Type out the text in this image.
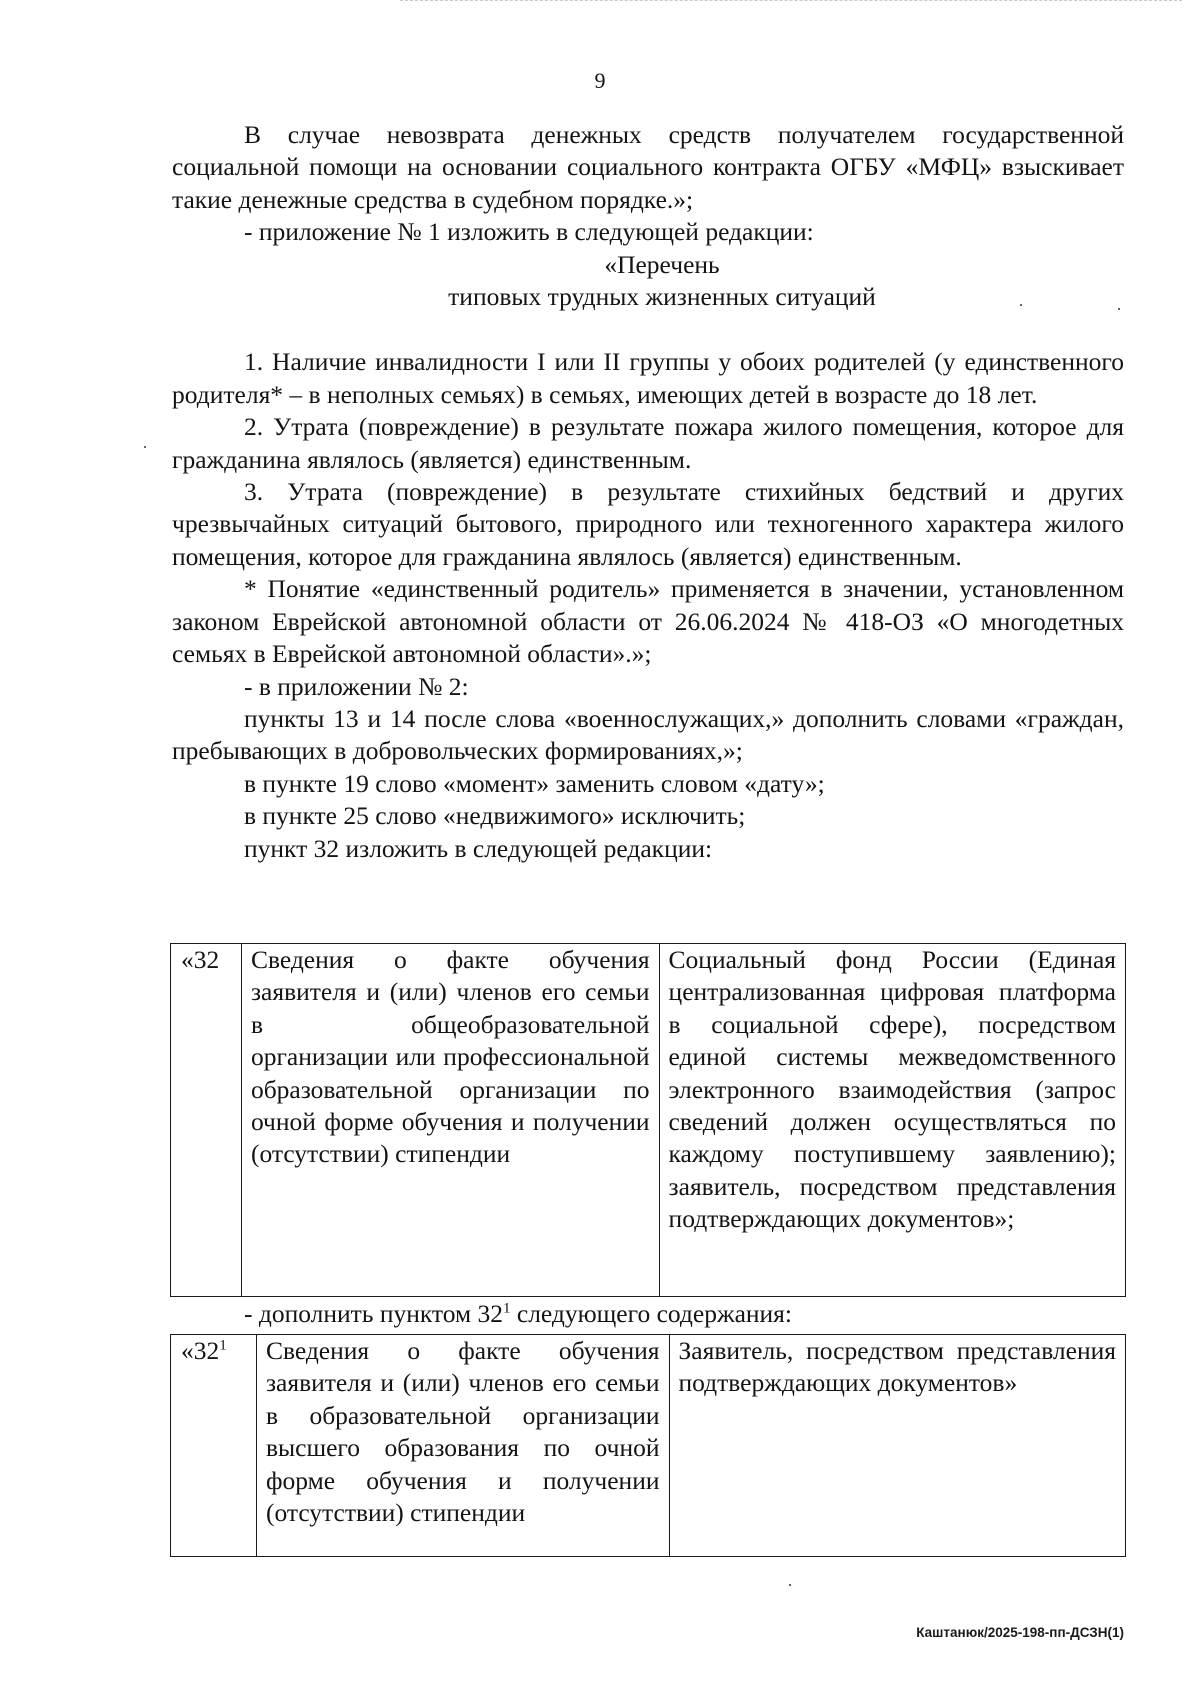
9

В случае невозврата денежных средств получателем государственной социальной помощи на основании социального контракта ОГБУ «МФЦ» взыскивает такие денежные средства в судебном порядке.»;

- приложение № 1 изложить в следующей редакции:

«Перечень

типовых трудных жизненных ситуаций

1. Наличие инвалидности I или II группы у обоих родителей (у единственного родителя* – в неполных семьях) в семьях, имеющих детей в возрасте до 18 лет.

2. Утрата (повреждение) в результате пожара жилого помещения, которое для гражданина являлось (является) единственным.

3. Утрата (повреждение) в результате стихийных бедствий и других чрезвычайных ситуаций бытового, природного или техногенного характера жилого помещения, которое для гражданина являлось (является) единственным.

* Понятие «единственный родитель» применяется в значении, установленном законом Еврейской автономной области от 26.06.2024 № 418-ОЗ «О многодетных семьях в Еврейской автономной области».»;

- в приложении № 2:

пункты 13 и 14 после слова «военнослужащих,» дополнить словами «граждан, пребывающих в добровольческих формированиях,»;

в пункте 19 слово «момент» заменить словом «дату»;

в пункте 25 слово «недвижимого» исключить;

пункт 32 изложить в следующей редакции:

«32	Сведения о факте обучения заявителя и (или) членов его семьи в общеобразовательной организации или профессиональной образовательной организации по очной форме обучения и получении (отсутствии) стипендии	Социальный фонд России (Единая централизованная цифровая платформа в социальной сфере), посредством единой системы межведомственного электронного взаимодействия (запрос сведений должен осуществляться по каждому поступившему заявлению); заявитель, посредством представления подтверждающих документов»;
- дополнить пунктом $32^1$ следующего содержания:
«$32^1$	Сведения о факте обучения заявителя и (или) членов его семьи в образовательной организации высшего образования по очной форме обучения и получении (отсутствии) стипендии	Заявитель, посредством представления подтверждающих документов»
Каштанюк/2025-198-пп-ДСЗН(1)
